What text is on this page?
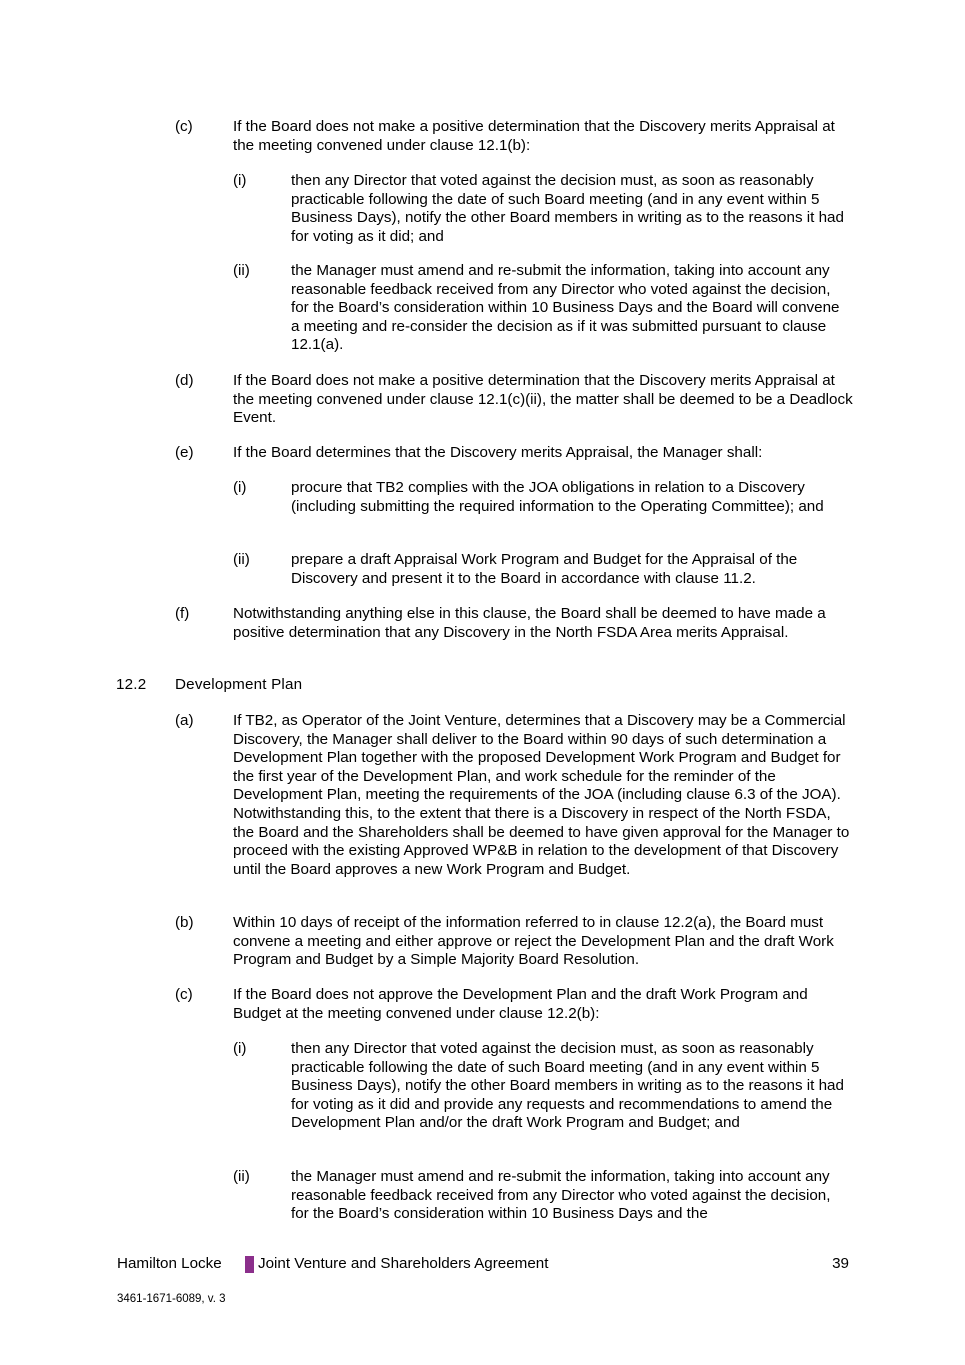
(c)	If the Board does not make a positive determination that the Discovery merits Appraisal at the meeting convened under clause 12.1(b):
(i)	then any Director that voted against the decision must, as soon as reasonably practicable following the date of such Board meeting (and in any event within 5 Business Days), notify the other Board members in writing as to the reasons it had for voting as it did; and
(ii)	the Manager must amend and re-submit the information, taking into account any reasonable feedback received from any Director who voted against the decision, for the Board’s consideration within 10 Business Days and the Board will convene a meeting and re-consider the decision as if it was submitted pursuant to clause 12.1(a).
(d)	If the Board does not make a positive determination that the Discovery merits Appraisal at the meeting convened under clause 12.1(c)(ii), the matter shall be deemed to be a Deadlock Event.
(e)	If the Board determines that the Discovery merits Appraisal, the Manager shall:
(i)	procure that TB2 complies with the JOA obligations in relation to a Discovery (including submitting the required information to the Operating Committee); and
(ii)	prepare a draft Appraisal Work Program and Budget for the Appraisal of the Discovery and present it to the Board in accordance with clause 11.2.
(f)	Notwithstanding anything else in this clause, the Board shall be deemed to have made a positive determination that any Discovery in the North FSDA Area merits Appraisal.
12.2 Development Plan
(a)	If TB2, as Operator of the Joint Venture, determines that a Discovery may be a Commercial Discovery, the Manager shall deliver to the Board within 90 days of such determination a Development Plan together with the proposed Development Work Program and Budget for the first year of the Development Plan, and work schedule for the reminder of the Development Plan, meeting the requirements of the JOA (including clause 6.3 of the JOA). Notwithstanding this, to the extent that there is a Discovery in respect of the North FSDA, the Board and the Shareholders shall be deemed to have given approval for the Manager to proceed with the existing Approved WP&B in relation to the development of that Discovery until the Board approves a new Work Program and Budget.
(b)	Within 10 days of receipt of the information referred to in clause 12.2(a), the Board must convene a meeting and either approve or reject the Development Plan and the draft Work Program and Budget by a Simple Majority Board Resolution.
(c)	If the Board does not approve the Development Plan and the draft Work Program and Budget at the meeting convened under clause 12.2(b):
(i)	then any Director that voted against the decision must, as soon as reasonably practicable following the date of such Board meeting (and in any event within 5 Business Days), notify the other Board members in writing as to the reasons it had for voting as it did and provide any requests and recommendations to amend the Development Plan and/or the draft Work Program and Budget; and
(ii)	the Manager must amend and re-submit the information, taking into account any reasonable feedback received from any Director who voted against the decision, for the Board’s consideration within 10 Business Days and the
Hamilton Locke Joint Venture and Shareholders Agreement	39
3461-1671-6089, v. 3
